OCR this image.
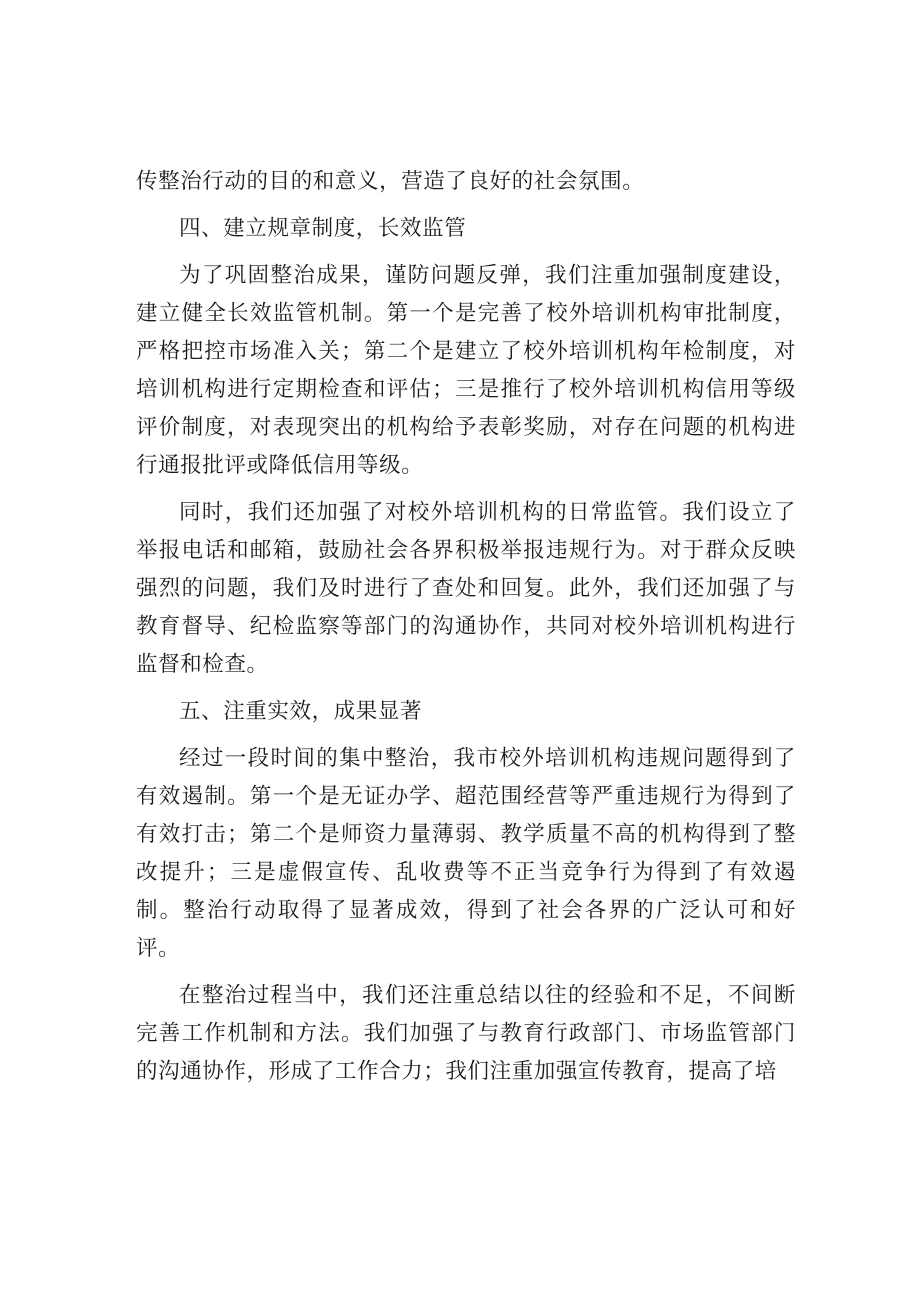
传整治行动的目的和意义，营造了良好的社会氛围。

四、建立规章制度，长效监管

为了巩固整治成果，谨防问题反弹，我们注重加强制度建设，建立健全长效监管机制。第一个是完善了校外培训机构审批制度，严格把控市场准入关；第二个是建立了校外培训机构年检制度，对培训机构进行定期检查和评估；三是推行了校外培训机构信用等级评价制度，对表现突出的机构给予表彰奖励，对存在问题的机构进行通报批评或降低信用等级。

同时，我们还加强了对校外培训机构的日常监管。我们设立了举报电话和邮箱，鼓励社会各界积极举报违规行为。对于群众反映强烈的问题，我们及时进行了查处和回复。此外，我们还加强了与教育督导、纪检监察等部门的沟通协作，共同对校外培训机构进行监督和检查。

五、注重实效，成果显著

经过一段时间的集中整治，我市校外培训机构违规问题得到了有效遏制。第一个是无证办学、超范围经营等严重违规行为得到了有效打击；第二个是师资力量薄弱、教学质量不高的机构得到了整改提升；三是虚假宣传、乱收费等不正当竞争行为得到了有效遏制。整治行动取得了显著成效，得到了社会各界的广泛认可和好评。

在整治过程当中，我们还注重总结以往的经验和不足，不间断完善工作机制和方法。我们加强了与教育行政部门、市场监管部门的沟通协作，形成了工作合力；我们注重加强宣传教育，提高了培
